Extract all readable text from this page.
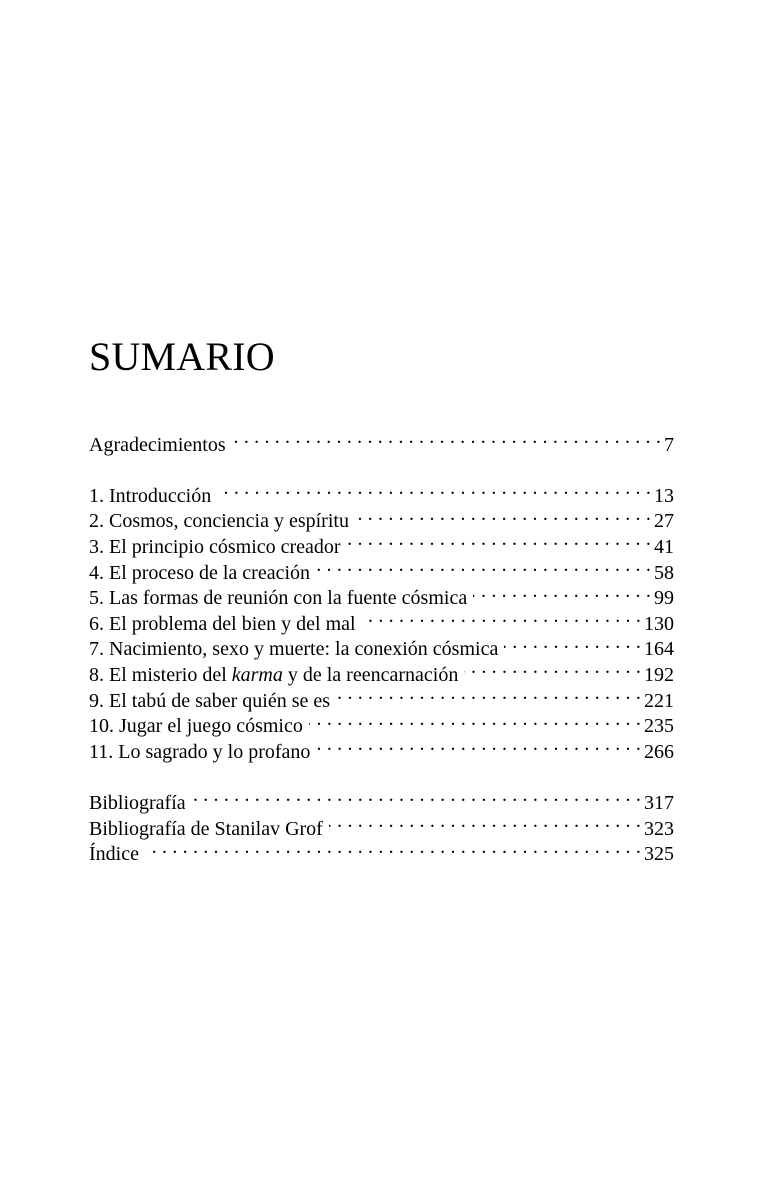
SUMARIO
Agradecimientos . . .	7
1. Introducción . . .	13
2. Cosmos, conciencia y espíritu . . .	27
3. El principio cósmico creador . . .	41
4. El proceso de la creación . . .	58
5. Las formas de reunión con la fuente cósmica . . .	99
6. El problema del bien y del mal . . .	130
7. Nacimiento, sexo y muerte: la conexión cósmica . . .	164
8. El misterio del karma y de la reencarnación . . .	192
9. El tabú de saber quién se es . . .	221
10. Jugar el juego cósmico . . .	235
11. Lo sagrado y lo profano . . .	266
Bibliografía . . .	317
Bibliografía de Stanilav Grof . . .	323
Índice . . .	325
